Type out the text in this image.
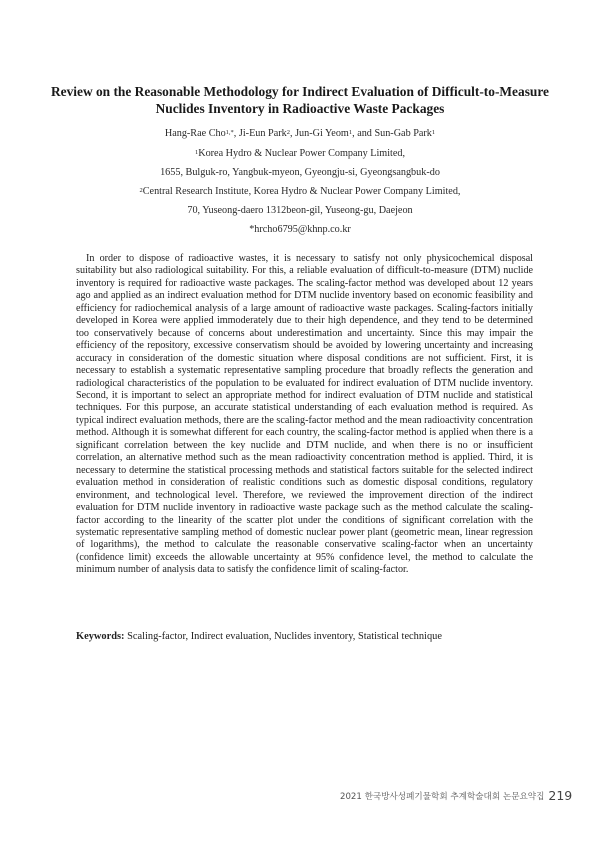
Review on the Reasonable Methodology for Indirect Evaluation of Difficult-to-Measure Nuclides Inventory in Radioactive Waste Packages
Hang-Rae Cho$^{1,*}$, Ji-Eun Park$^2$, Jun-Gi Yeom$^1$, and Sun-Gab Park$^1$
$^1$Korea Hydro & Nuclear Power Company Limited,
1655, Bulguk-ro, Yangbuk-myeon, Gyeongju-si, Gyeongsangbuk-do
$^2$Central Research Institute, Korea Hydro & Nuclear Power Company Limited,
70, Yuseong-daero 1312beon-gil, Yuseong-gu, Daejeon
*hrcho6795@khnp.co.kr

In order to dispose of radioactive wastes, it is necessary to satisfy not only physicochemical disposal suitability but also radiological suitability. For this, a reliable evaluation of difficult-to-measure (DTM) nuclide inventory is required for radioactive waste packages. The scaling-factor method was developed about 12 years ago and applied as an indirect evaluation method for DTM nuclide inventory based on economic feasibility and efficiency for radiochemical analysis of a large amount of radioactive waste packages. Scaling-factors initially developed in Korea were applied immoderately due to their high dependence, and they tend to be determined too conservatively because of concerns about underestimation and uncertainty. Since this may impair the efficiency of the repository, excessive conservatism should be avoided by lowering uncertainty and increasing accuracy in consideration of the domestic situation where disposal conditions are not sufficient. First, it is necessary to establish a systematic representative sampling procedure that broadly reflects the generation and radiological characteristics of the population to be evaluated for indirect evaluation of DTM nuclide inventory. Second, it is important to select an appropriate method for indirect evaluation of DTM nuclide and statistical techniques. For this purpose, an accurate statistical understanding of each evaluation method is required. As typical indirect evaluation methods, there are the scaling-factor method and the mean radioactivity concentration method. Although it is somewhat different for each country, the scaling-factor method is applied when there is a significant correlation between the key nuclide and DTM nuclide, and when there is no or insufficient correlation, an alternative method such as the mean radioactivity concentration method is applied. Third, it is necessary to determine the statistical processing methods and statistical factors suitable for the selected indirect evaluation method in consideration of realistic conditions such as domestic disposal conditions, regulatory environment, and technological level. Therefore, we reviewed the improvement direction of the indirect evaluation for DTM nuclide inventory in radioactive waste package such as the method calculate the scaling-factor according to the linearity of the scatter plot under the conditions of significant correlation with the systematic representative sampling method of domestic nuclear power plant (geometric mean, linear regression of logarithms), the method to calculate the reasonable conservative scaling-factor when an uncertainty (confidence limit) exceeds the allowable uncertainty at 95% confidence level, the method to calculate the minimum number of analysis data to satisfy the confidence limit of scaling-factor.

Keywords: Scaling-factor, Indirect evaluation, Nuclides inventory, Statistical technique
2021 한국방사성폐기물학회 추계학술대회 논문요약집 219
